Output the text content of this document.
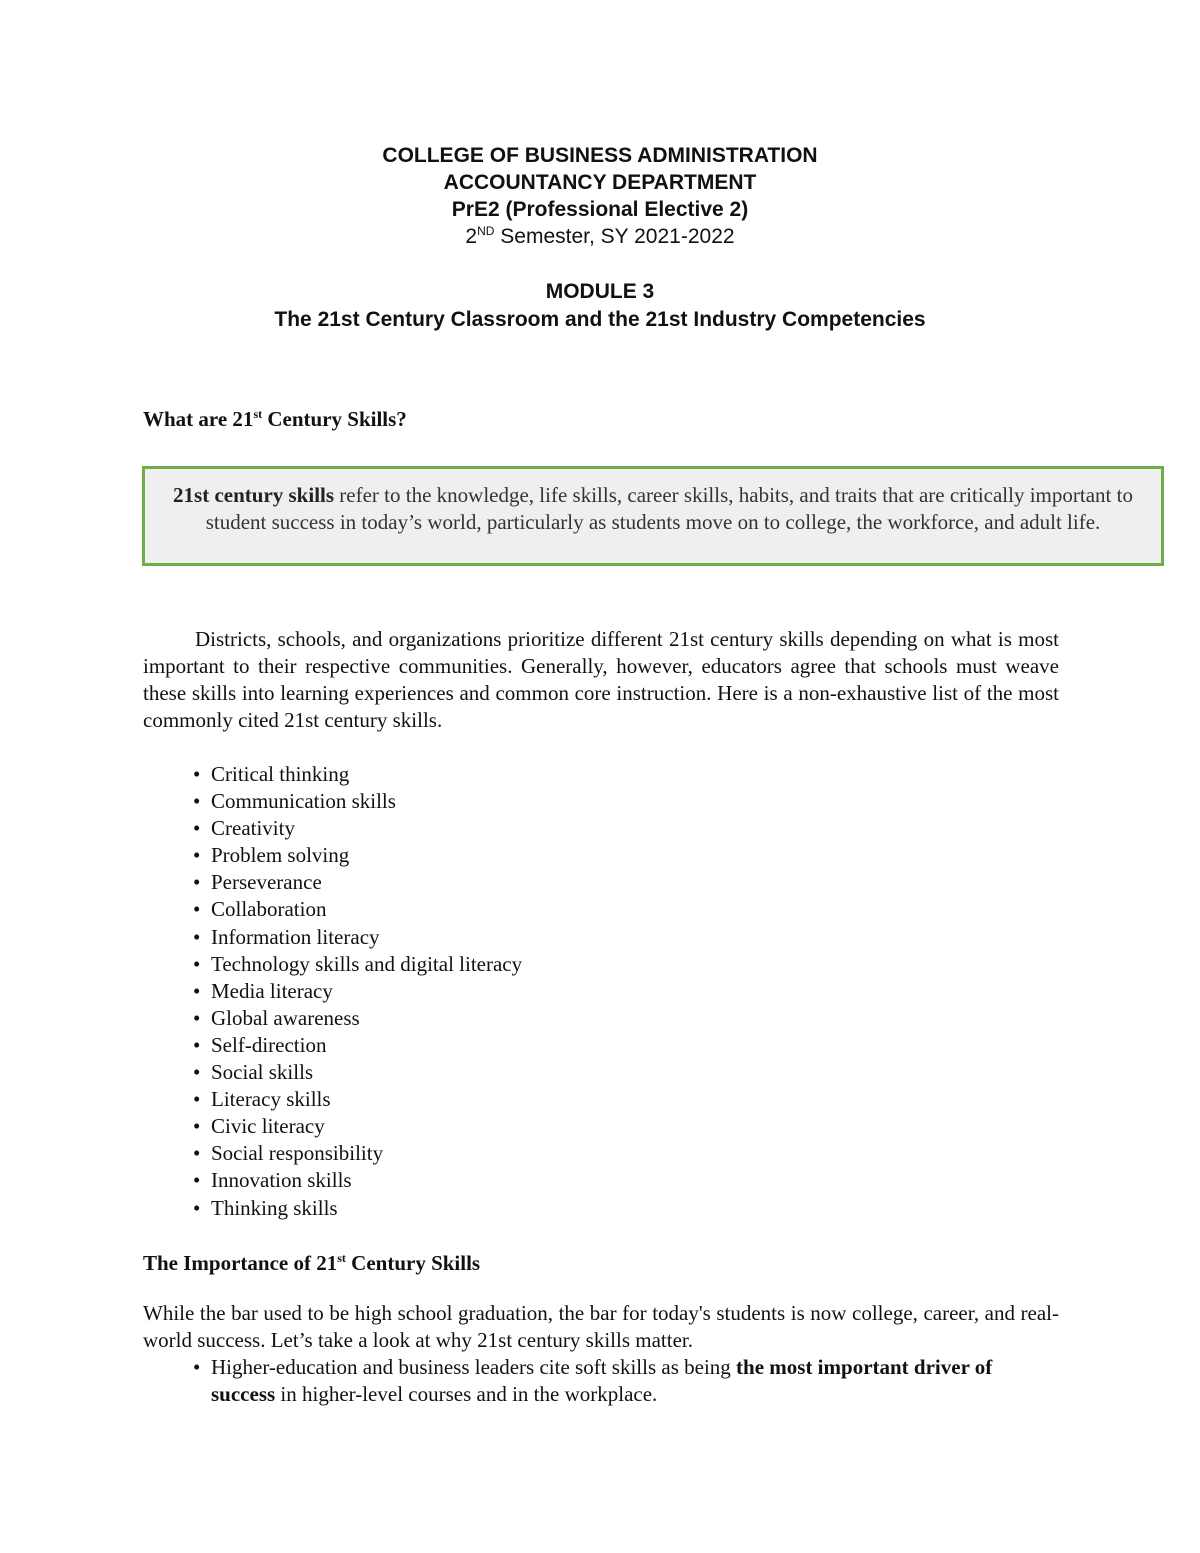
COLLEGE OF BUSINESS ADMINISTRATION
ACCOUNTANCY DEPARTMENT
PrE2 (Professional Elective 2)
2ND Semester, SY 2021-2022
MODULE 3
The 21st Century Classroom and the 21st Industry Competencies
What are 21st Century Skills?
21st century skills refer to the knowledge, life skills, career skills, habits, and traits that are critically important to student success in today’s world, particularly as students move on to college, the workforce, and adult life.
Districts, schools, and organizations prioritize different 21st century skills depending on what is most important to their respective communities. Generally, however, educators agree that schools must weave these skills into learning experiences and common core instruction. Here is a non-exhaustive list of the most commonly cited 21st century skills.
• Critical thinking
• Communication skills
• Creativity
• Problem solving
• Perseverance
• Collaboration
• Information literacy
• Technology skills and digital literacy
• Media literacy
• Global awareness
• Self-direction
• Social skills
• Literacy skills
• Civic literacy
• Social responsibility
• Innovation skills
• Thinking skills
The Importance of 21st Century Skills
While the bar used to be high school graduation, the bar for today's students is now college, career, and real-world success. Let’s take a look at why 21st century skills matter.
• Higher-education and business leaders cite soft skills as being the most important driver of success in higher-level courses and in the workplace.
